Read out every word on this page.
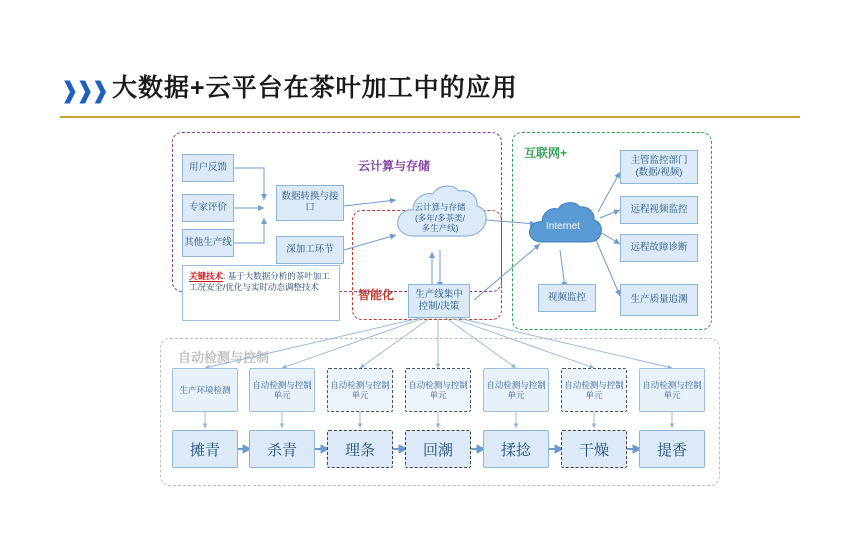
❱❱❱ 大数据+云平台在茶叶加工中的应用
云计算与存储
智能化
互联网+
自动检测与控制
用户反馈
专家评价
其他生产线
数据转换与接口
深加工环节
云计算与存储
(多年/多茶类/
多生产线)
生产线集中
控制/决策
关键技术: 基于大数据分析的茶叶加工工况安全/优化与实时动态调整技术
Internet
主管监控部门
(数据/视频)
远程视频监控
远程故障诊断
生产质量追溯
视频监控
生产环境检测
自动检测与控制单元
自动检测与控制单元
自动检测与控制单元
自动检测与控制单元
自动检测与控制单元
自动检测与控制单元
摊青	杀青	理条	回潮	揉捻	干燥	提香
